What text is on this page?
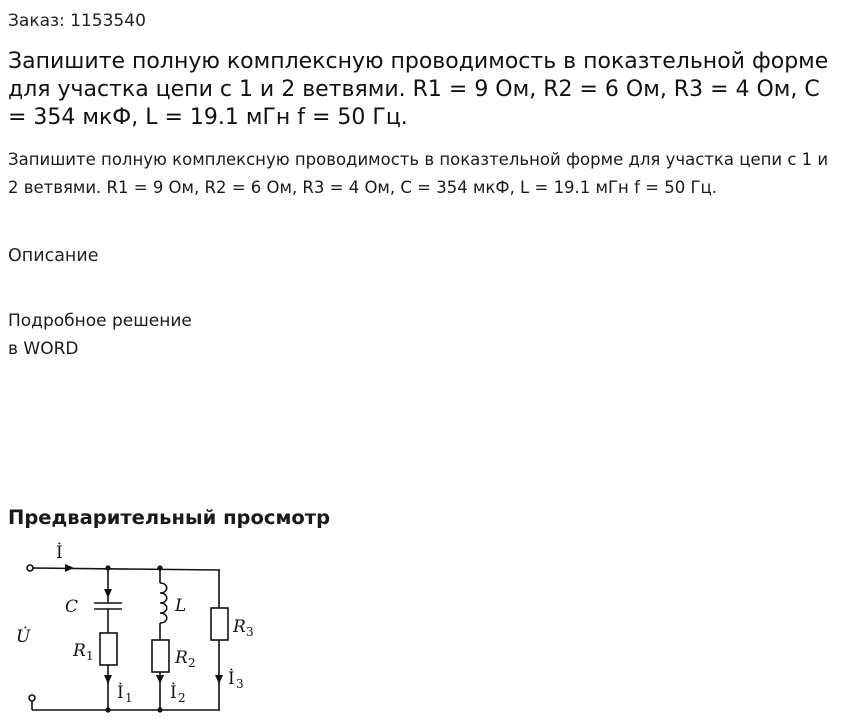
Заказ: 1153540
Запишите полную комплексную проводимость в показтельной форме для участка цепи с 1 и 2 ветвями. R1 = 9 Ом, R2 = 6 Ом, R3 = 4 Ом, С = 354 мкФ, L = 19.1 мГн f = 50 Гц.

Запишите полную комплексную проводимость в показтельной форме для участка цепи с 1 и 2 ветвями. R1 = 9 Ом, R2 = 6 Ом, R3 = 4 Ом, С = 354 мкФ, L = 19.1 мГн f = 50 Гц.

Описание
Подробное решение
в WORD
Предварительный просмотр
İ
U̇
C	L
R 1	R 2
R 3
İ 1 İ 2
İ 3
